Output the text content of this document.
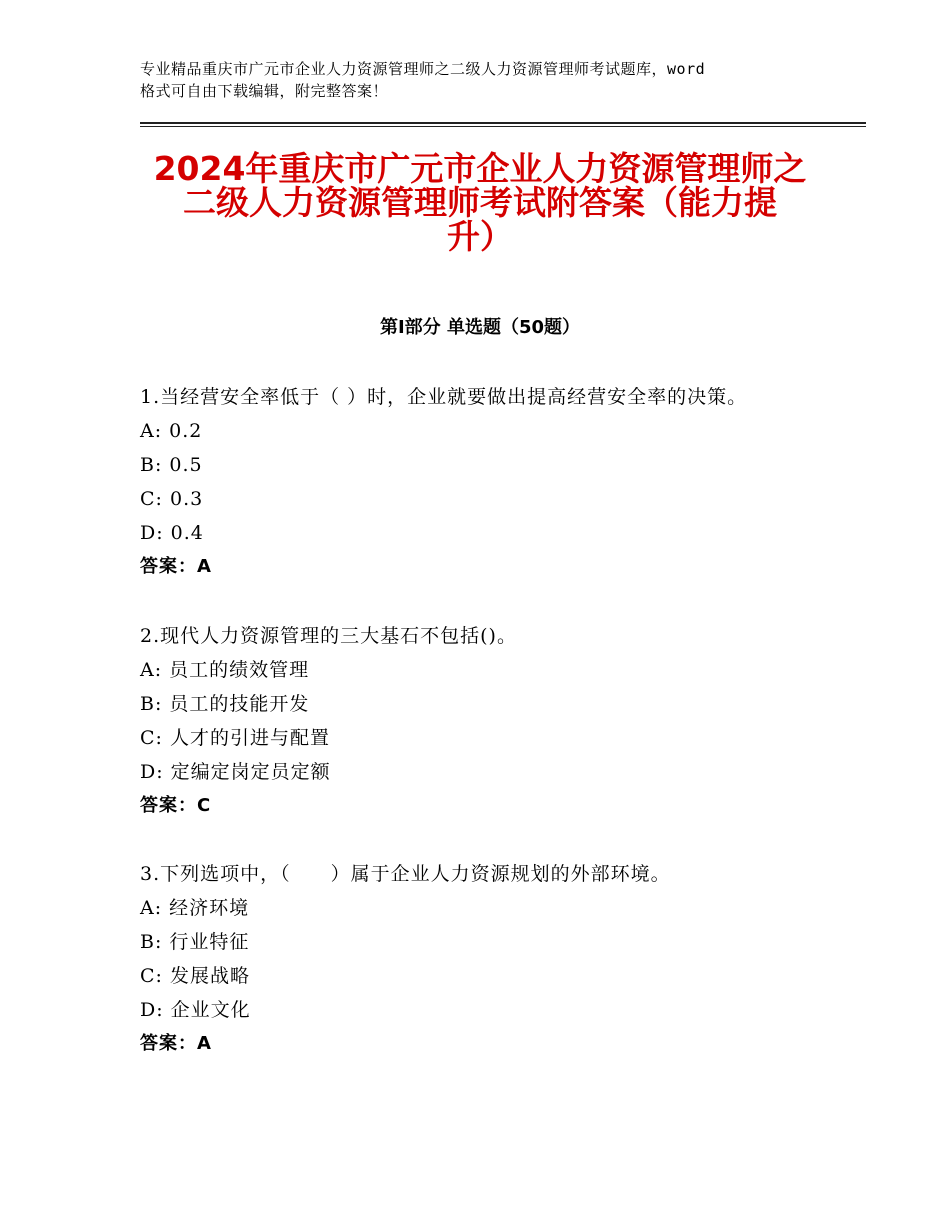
专业精品重庆市广元市企业人力资源管理师之二级人力资源管理师考试题库，word
格式可自由下载编辑，附完整答案！
2024年重庆市广元市企业人力资源管理师之
二级人力资源管理师考试附答案（能力提
升）
第Ⅰ部分 单选题（50题）
1.当经营安全率低于（ ）时，企业就要做出提高经营安全率的决策。
A: 0.2
B: 0.5
C: 0.3
D: 0.4
答案：A
2.现代人力资源管理的三大基石不包括()。
A: 员工的绩效管理
B: 员工的技能开发
C: 人才的引进与配置
D: 定编定岗定员定额
答案：C
3.下列选项中，（　　）属于企业人力资源规划的外部环境。
A: 经济环境
B: 行业特征
C: 发展战略
D: 企业文化
答案：A
